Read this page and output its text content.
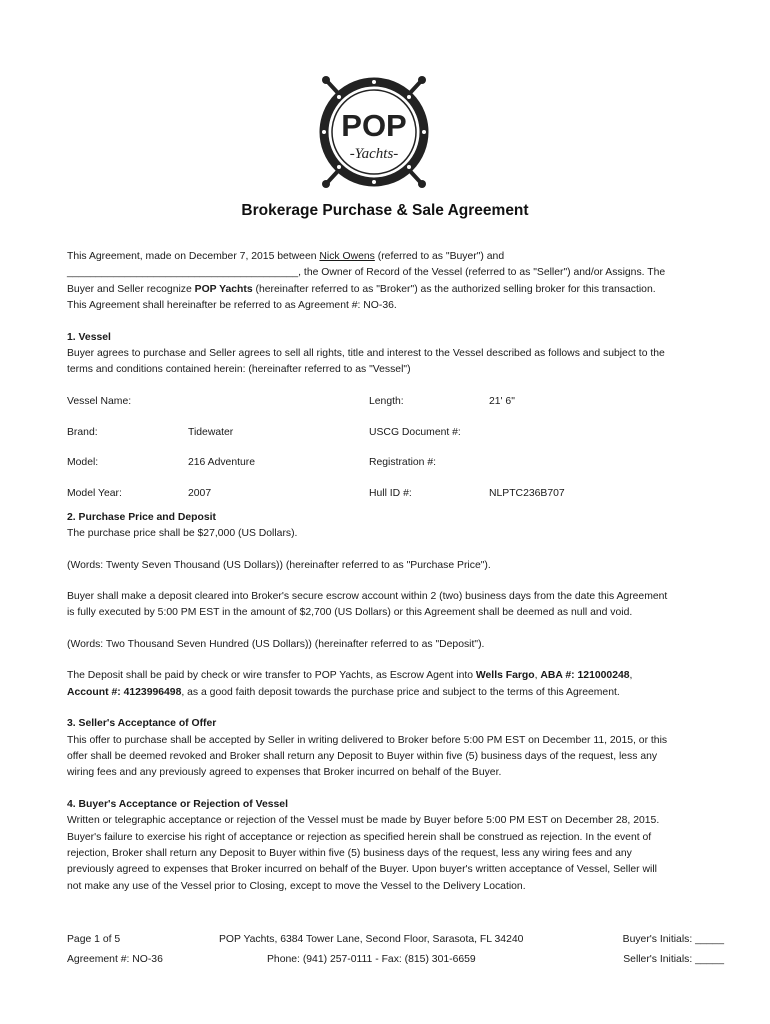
POP
-Yachts-
Brokerage Purchase & Sale Agreement

This Agreement, made on December 7, 2015 between Nick Owens (referred to as "Buyer") and

________________________________________, the Owner of Record of the Vessel (referred to as "Seller") and/or Assigns. The

Buyer and Seller recognize POP Yachts (hereinafter referred to as "Broker") as the authorized selling broker for this transaction.

This Agreement shall hereinafter be referred to as Agreement #: NO-36.

1. Vessel

Buyer agrees to purchase and Seller agrees to sell all rights, title and interest to the Vessel described as follows and subject to the

terms and conditions contained herein: (hereinafter referred to as "Vessel")

Vessel Name:	Length:	21' 6"
Brand:	Tidewater	USCG Document #:
Model:	216 Adventure	Registration #:
Model Year:	2007	Hull ID #:	NLPTC236B707

2. Purchase Price and Deposit

The purchase price shall be $27,000 (US Dollars).

(Words: Twenty Seven Thousand (US Dollars)) (hereinafter referred to as "Purchase Price").

Buyer shall make a deposit cleared into Broker's secure escrow account within 2 (two) business days from the date this Agreement

is fully executed by 5:00 PM EST in the amount of $2,700 (US Dollars) or this Agreement shall be deemed as null and void.

(Words: Two Thousand Seven Hundred (US Dollars)) (hereinafter referred to as "Deposit").

The Deposit shall be paid by check or wire transfer to POP Yachts, as Escrow Agent into Wells Fargo, ABA #: 121000248,

Account #: 4123996498, as a good faith deposit towards the purchase price and subject to the terms of this Agreement.

3. Seller's Acceptance of Offer

This offer to purchase shall be accepted by Seller in writing delivered to Broker before 5:00 PM EST on December 11, 2015, or this

offer shall be deemed revoked and Broker shall return any Deposit to Buyer within five (5) business days of the request, less any

wiring fees and any previously agreed to expenses that Broker incurred on behalf of the Buyer.

4. Buyer's Acceptance or Rejection of Vessel

Written or telegraphic acceptance or rejection of the Vessel must be made by Buyer before 5:00 PM EST on December 28, 2015.

Buyer's failure to exercise his right of acceptance or rejection as specified herein shall be construed as rejection. In the event of

rejection, Broker shall return any Deposit to Buyer within five (5) business days of the request, less any wiring fees and any

previously agreed to expenses that Broker incurred on behalf of the Buyer. Upon buyer's written acceptance of Vessel, Seller will

not make any use of the Vessel prior to Closing, except to move the Vessel to the Delivery Location.

Page 1 of 5	POP Yachts, 6384 Tower Lane, Second Floor, Sarasota, FL 34240	Buyer's Initials: _____
Agreement #: NO-36	Phone: (941) 257-0111 - Fax: (815) 301-6659	Seller's Initials: _____
